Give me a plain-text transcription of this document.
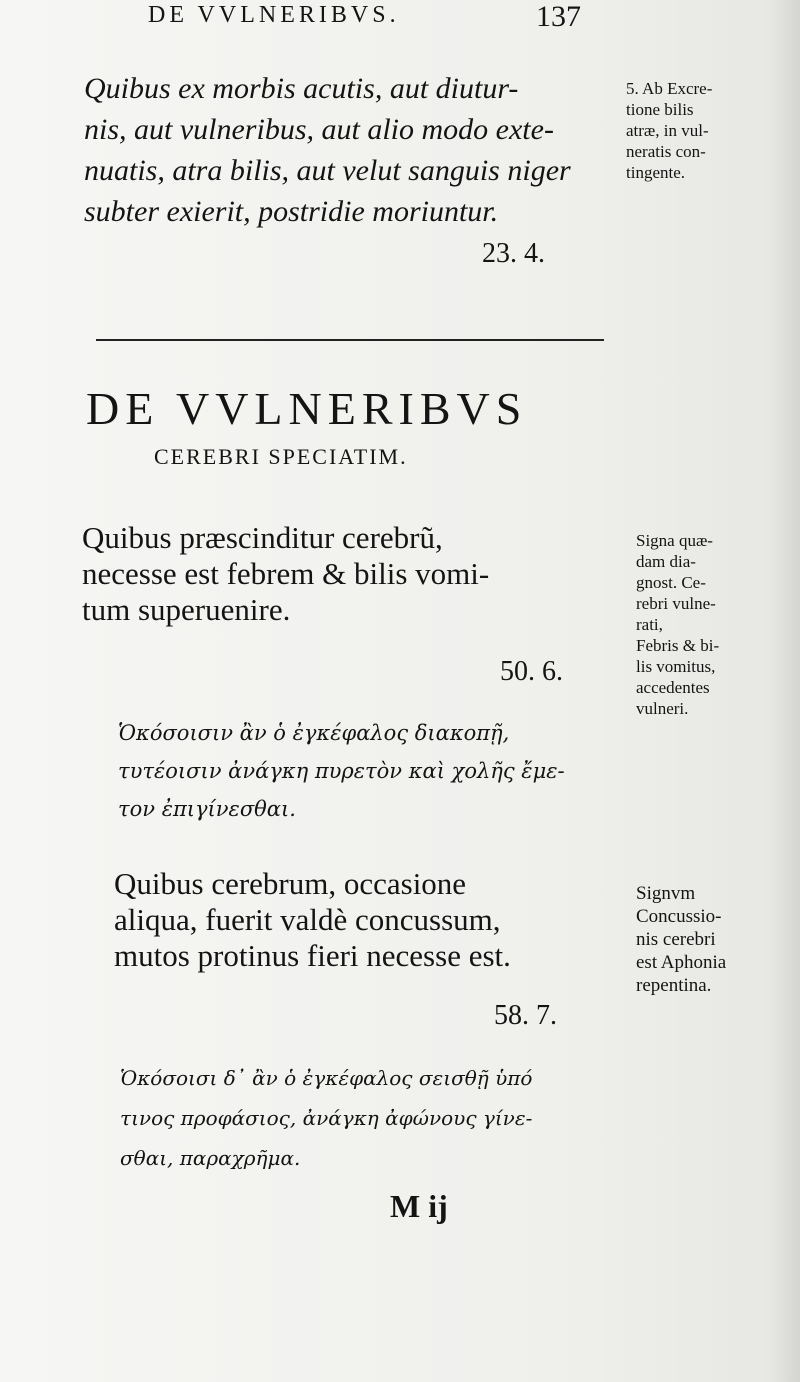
DE VVLNERIBVS.	137
Quibus ex morbis acutis, aut diutur-
nis, aut vulneribus, aut alio modo exte-
nuatis, atra bilis, aut velut sanguis niger
subter exierit, postridie moriuntur.
23. 4.
5. Ab Excre-
tione bilis
atræ, in vul-
neratis con-
tingente.
DE VVLNERIBVS
CEREBRI SPECIATIM.
Quibus præscinditur cerebrũ,
necesse est febrem & bilis vomi-
tum superuenire.
50. 6.
Ὁκόσοισιν ἂν ὁ ἐγκέφαλος διακοπῇ,
τυτέοισιν ἀνάγκη πυρετὸν καὶ χολῆς ἔμε-
τον ἐπιγίνεσθαι.
Signa quæ-
dam dia-
gnost. Ce-
rebri vulne-
rati,
Febris & bi-
lis vomitus,
accedentes
vulneri.
Quibus cerebrum, occasione
aliqua, fuerit valdè concussum,
mutos protinus fieri necesse est.
58. 7.
Signvm
Concussio-
nis cerebri
est Aphonia
repentina.
Ὁκόσοισι δ᾽ ἂν ὁ ἐγκέφαλος σεισθῇ ὑπό
τινος προφάσιος, ἀνάγκη ἀφώνους γίνε-
σθαι, παραχρῆμα.
M ij
